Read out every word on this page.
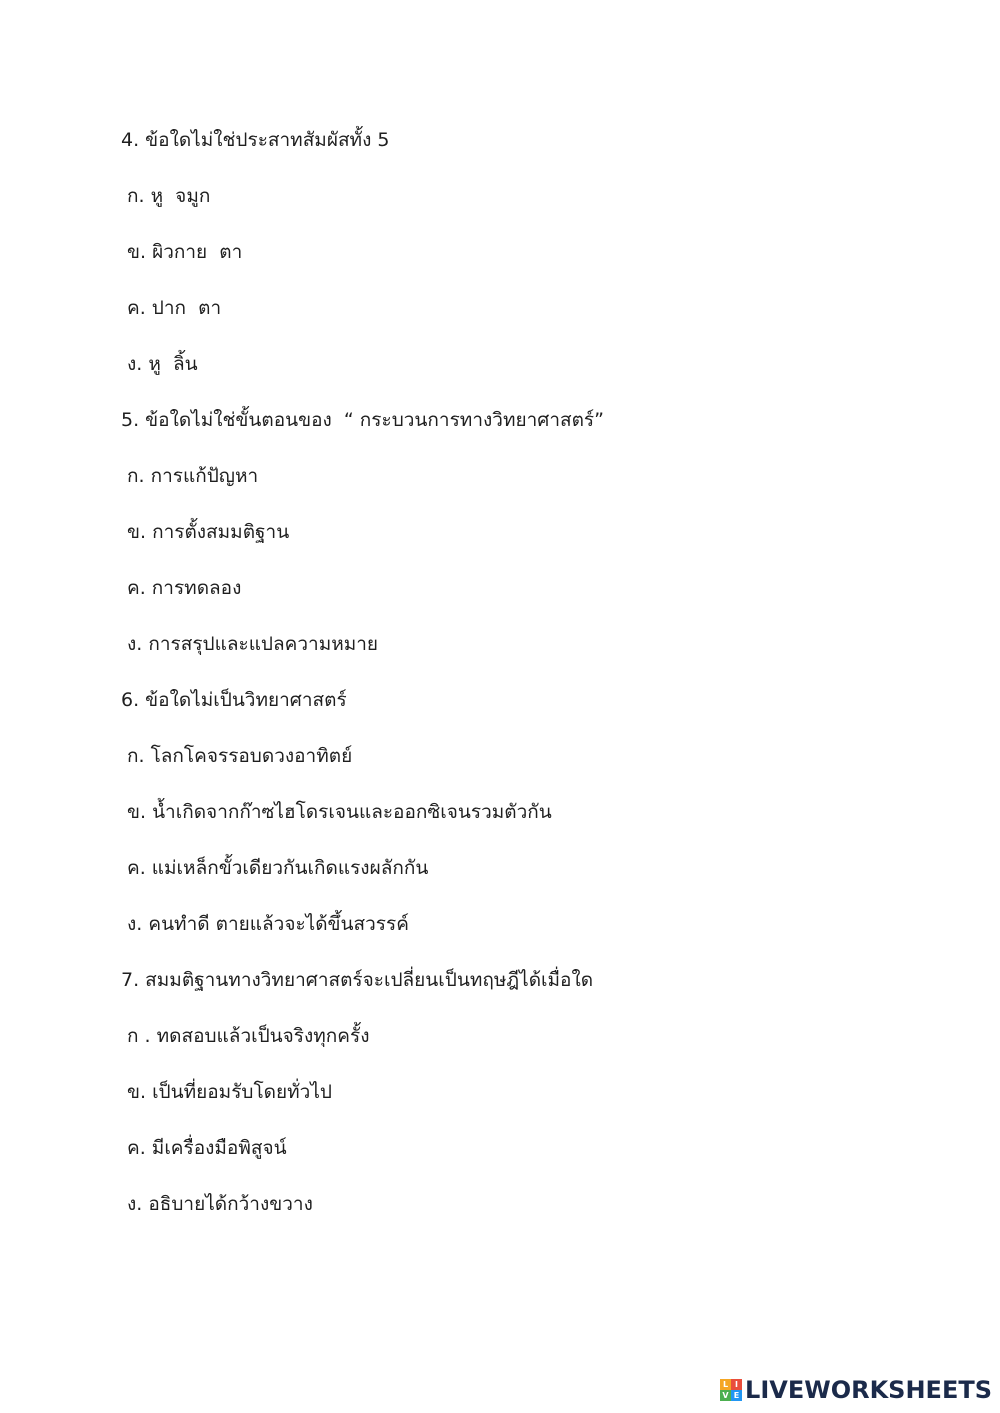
4. ข้อใดไม่ใช่ประสาทสัมผัสทั้ง 5
ก. หู  จมูก
ข. ผิวกาย  ตา
ค. ปาก  ตา
ง. หู  ลิ้น
5. ข้อใดไม่ใช่ขั้นตอนของ  “ กระบวนการทางวิทยาศาสตร์”
ก. การแก้ปัญหา
ข. การตั้งสมมติฐาน
ค. การทดลอง
ง. การสรุปและแปลความหมาย
6. ข้อใดไม่เป็นวิทยาศาสตร์
ก. โลกโคจรรอบดวงอาทิตย์
ข. น้ำเกิดจากก๊าซไฮโดรเจนและออกซิเจนรวมตัวกัน
ค. แม่เหล็กขั้วเดียวกันเกิดแรงผลักกัน
ง. คนทำดี ตายแล้วจะได้ขึ้นสวรรค์
7. สมมติฐานทางวิทยาศาสตร์จะเปลี่ยนเป็นทฤษฎีได้เมื่อใด
ก . ทดสอบแล้วเป็นจริงทุกครั้ง
ข. เป็นที่ยอมรับโดยทั่วไป
ค. มีเครื่องมือพิสูจน์
ง. อธิบายได้กว้างขวาง
L I
V E LIVEWORKSHEETS
